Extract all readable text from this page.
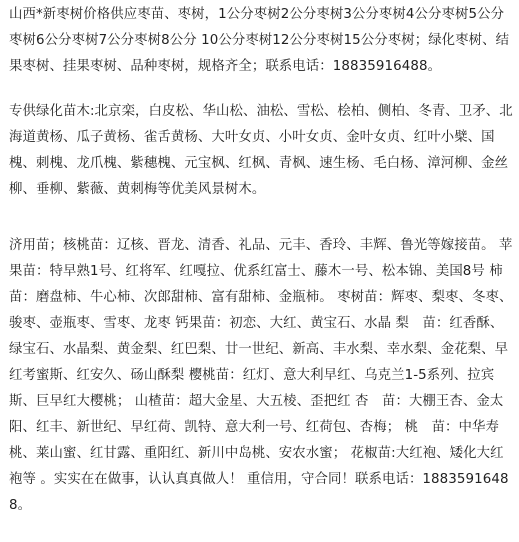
山西*新枣树价格供应枣苗、枣树，1公分枣树2公分枣树3公分枣树4公分枣树5公分枣树6公分枣树7公分枣树8公分 10公分枣树12公分枣树15公分枣树；绿化枣树、结果枣树、挂果枣树、品种枣树，规格齐全；联系电话：18835916488。

专供绿化苗木:北京栾，白皮松、华山松、油松、雪松、桧柏、侧柏、冬青、卫矛、北海道黄杨、瓜子黄杨、雀舌黄杨、大叶女贞、小叶女贞、金叶女贞、红叶小檗、国槐、刺槐、龙爪槐、紫穗槐、元宝枫、红枫、青枫、速生杨、毛白杨、漳河柳、金丝柳、垂柳、紫薇、黄刺梅等优美风景树木。

济用苗；核桃苗：辽核、晋龙、清香、礼品、元丰、香玲、丰辉、鲁光等嫁接苗。 苹果苗：特早熟1号、红将军、红嘎拉、优系红富士、藤木一号、松本锦、美国8号 柿　苗：磨盘柿、牛心柿、次郎甜柿、富有甜柿、金瓶柿。 枣树苗：辉枣、梨枣、冬枣、骏枣、壶瓶枣、雪枣、龙枣 钙果苗：初恋、大红、黄宝石、水晶 梨　苗：红香酥、绿宝石、水晶梨、黄金梨、红巴梨、廿一世纪、新高、丰水梨、幸水梨、金花梨、早红考蜜斯、红安久、砀山酥梨 樱桃苗：红灯、意大利早红、乌克兰1-5系列、拉宾斯、巨早红大樱桃； 山楂苗：超大金星、大五棱、歪把红 杏　苗：大棚王杏、金太阳、红丰、新世纪、早红荷、凯特、意大利一号、红荷包、杏梅； 桃　苗：中华寿桃、莱山蜜、红甘露、重阳红、新川中岛桃、安农水蜜； 花椒苗:大红袍、矮化大红袍等 。实实在在做事，认认真真做人！ 重信用，守合同！联系电话：18835916488。
